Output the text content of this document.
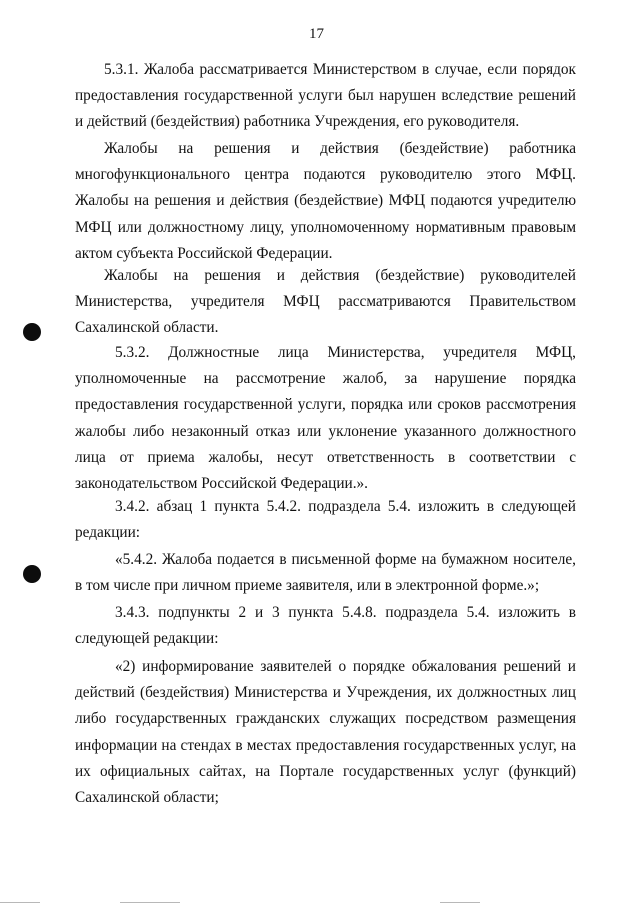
17
5.3.1. Жалоба рассматривается Министерством в случае, если порядок предоставления государственной услуги был нарушен вследствие решений и действий (бездействия) работника Учреждения, его руководителя.
Жалобы на решения и действия (бездействие) работника многофункционального центра подаются руководителю этого МФЦ. Жалобы на решения и действия (бездействие) МФЦ подаются учредителю МФЦ или должностному лицу, уполномоченному нормативным правовым актом субъекта Российской Федерации.
Жалобы на решения и действия (бездействие) руководителей Министерства, учредителя МФЦ рассматриваются Правительством Сахалинской области.
5.3.2. Должностные лица Министерства, учредителя МФЦ, уполномоченные на рассмотрение жалоб, за нарушение порядка предоставления государственной услуги, порядка или сроков рассмотрения жалобы либо незаконный отказ или уклонение указанного должностного лица от приема жалобы, несут ответственность в соответствии с законодательством Российской Федерации.».
3.4.2. абзац 1 пункта 5.4.2. подраздела 5.4. изложить в следующей редакции:
«5.4.2. Жалоба подается в письменной форме на бумажном носителе, в том числе при личном приеме заявителя, или в электронной форме.»;
3.4.3. подпункты 2 и 3 пункта 5.4.8. подраздела 5.4. изложить в следующей редакции:
«2) информирование заявителей о порядке обжалования решений и действий (бездействия) Министерства и Учреждения, их должностных лиц либо государственных гражданских служащих посредством размещения информации на стендах в местах предоставления государственных услуг, на их официальных сайтах, на Портале государственных услуг (функций) Сахалинской области;
